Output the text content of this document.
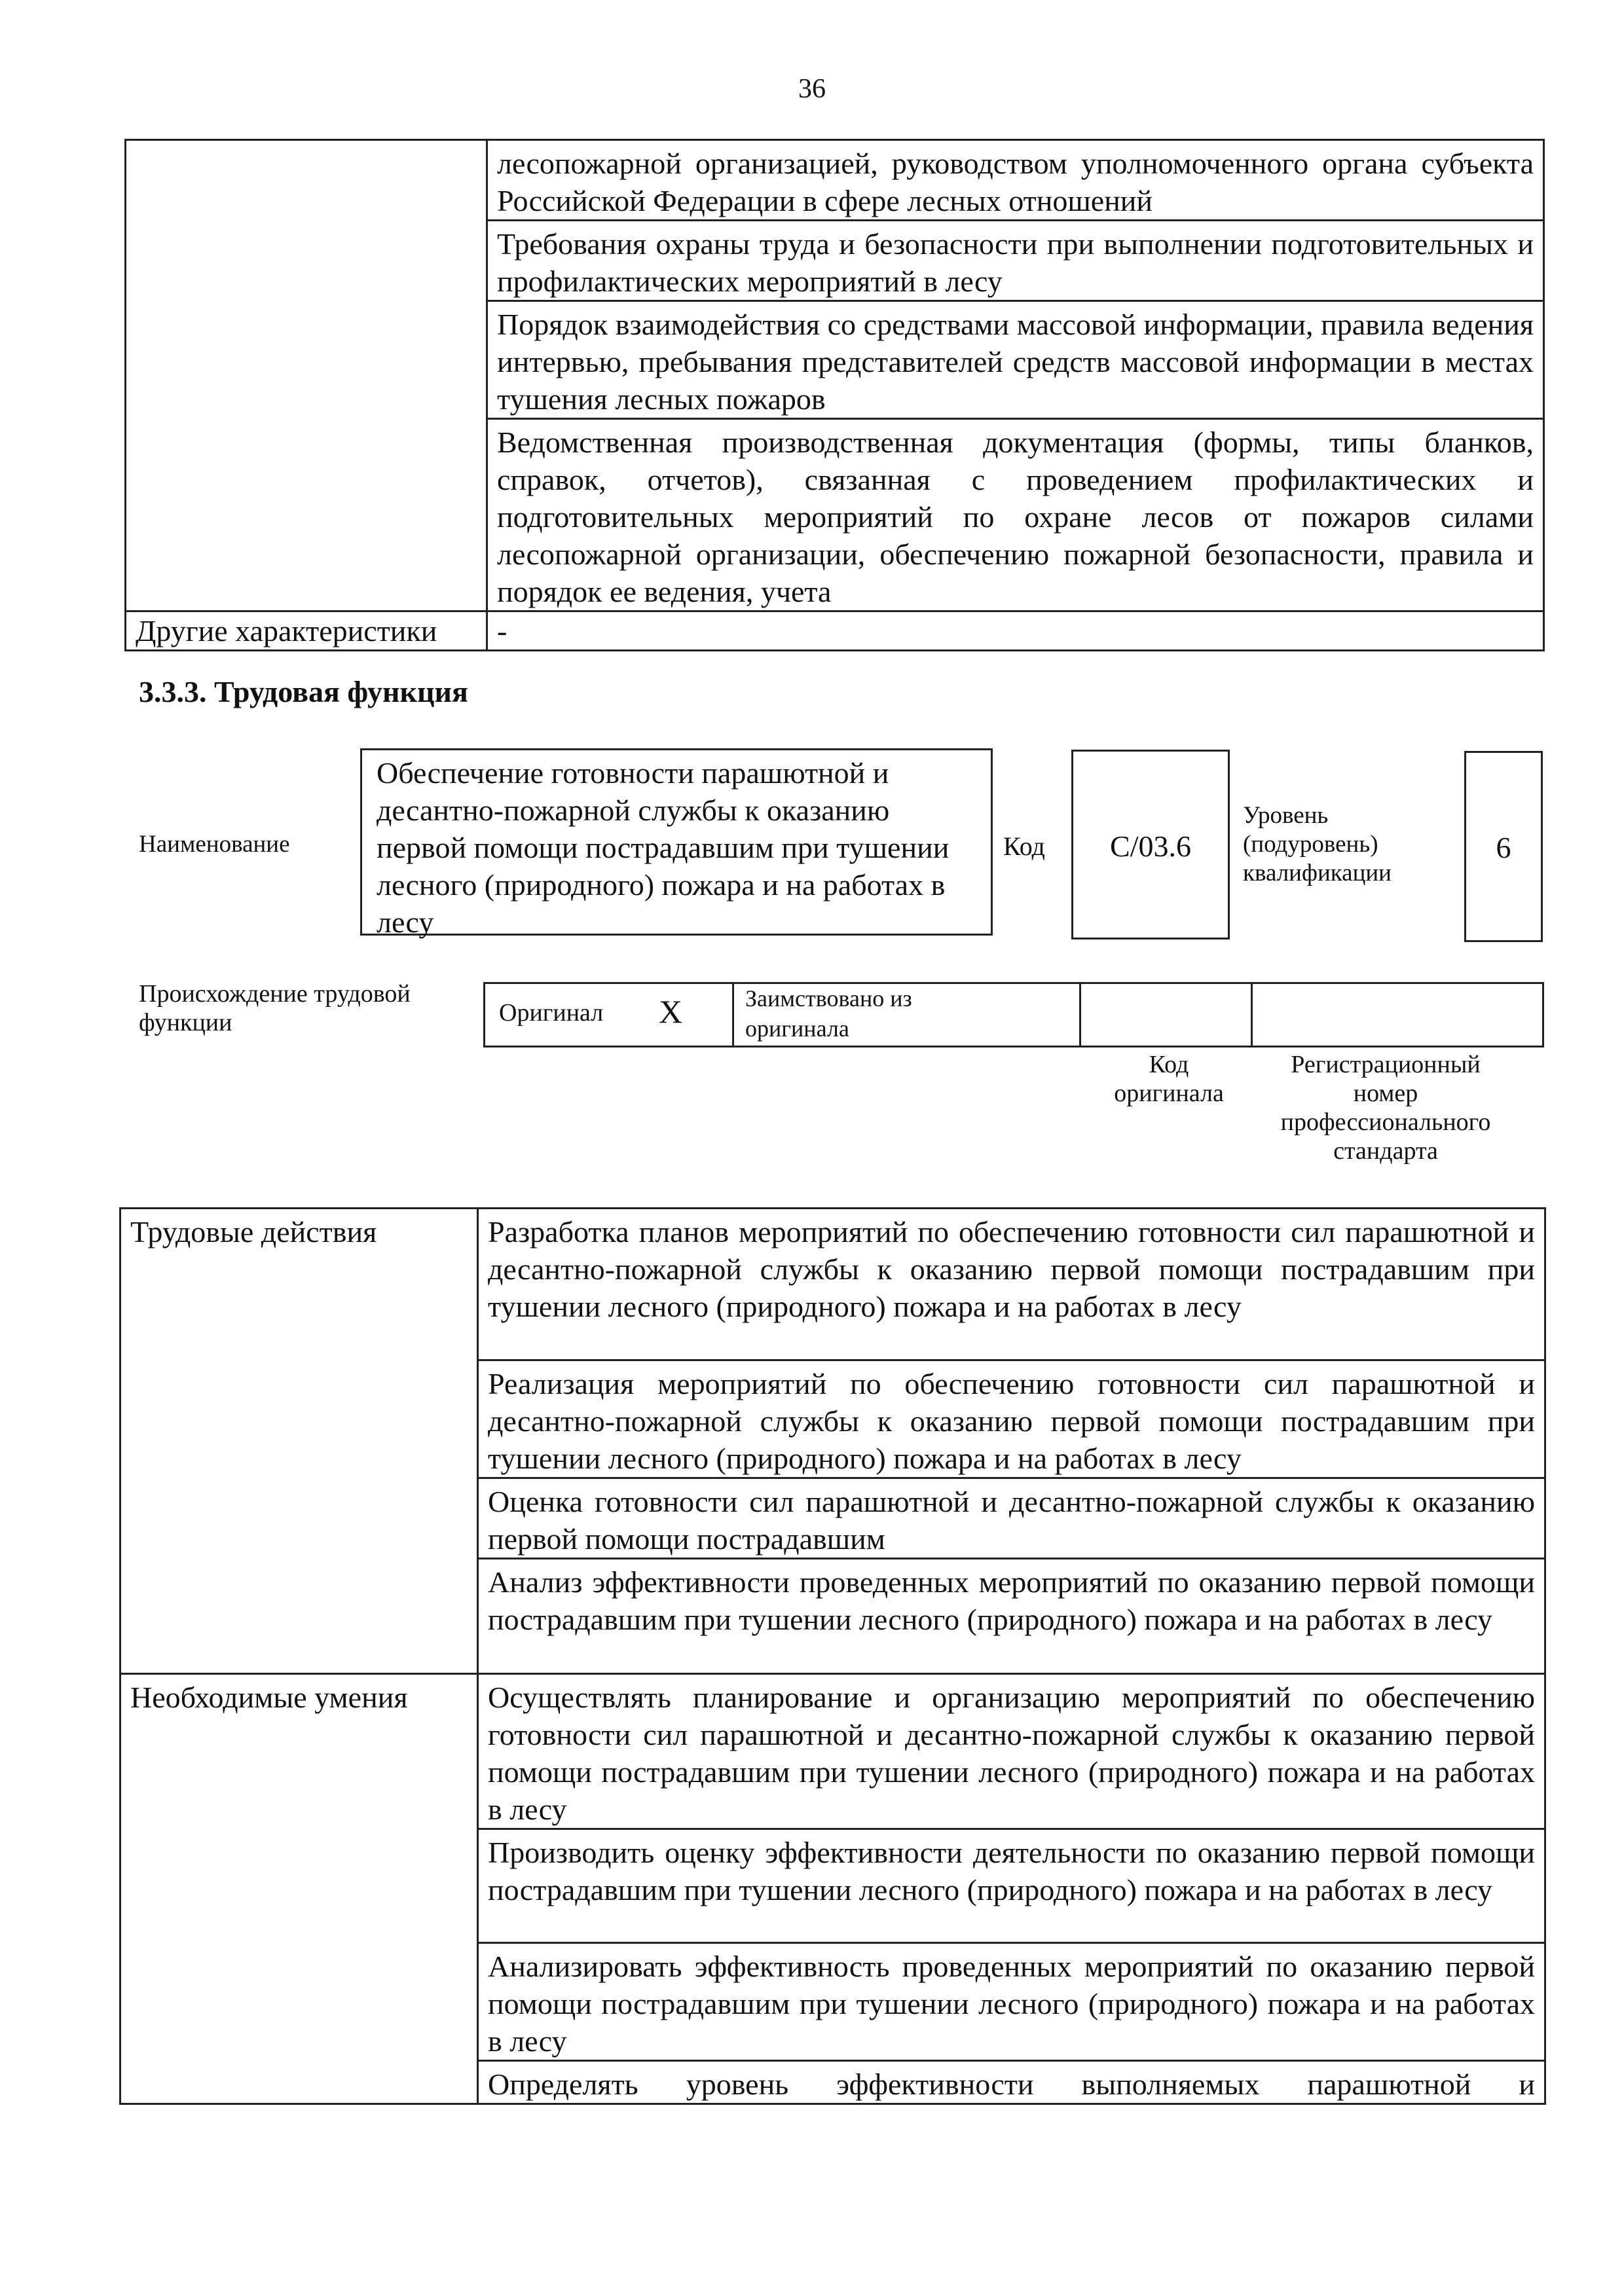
36
	лесопожарной организацией, руководством уполномоченного органа субъекта Российской Федерации в сфере лесных отношений
	Требования охраны труда и безопасности при выполнении подготовительных и профилактических мероприятий в лесу
	Порядок взаимодействия со средствами массовой информации, правила ведения интервью, пребывания представителей средств массовой информации в местах тушения лесных пожаров
	Ведомственная производственная документация (формы, типы бланков, справок, отчетов), связанная с проведением профилактических и подготовительных мероприятий по охране лесов от пожаров силами лесопожарной организации, обеспечению пожарной безопасности, правила и порядок ее ведения, учета
Другие характеристики	-
3.3.3. Трудовая функция
Наименование
Обеспечение готовности парашютной и десантно-пожарной службы к оказанию первой помощи пострадавшим при тушении лесного (природного) пожара и на работах в лесу
Код	C/03.6
Уровень (подуровень) квалификации
6
Происхождение трудовой функции	Оригинал X	Заимствовано из оригинала
Код оригинала
Регистрационный номер профессионального стандарта
Трудовые действия	Разработка планов мероприятий по обеспечению готовности сил парашютной и десантно-пожарной службы к оказанию первой помощи пострадавшим при тушении лесного (природного) пожара и на работах в лесу
	Реализация мероприятий по обеспечению готовности сил парашютной и десантно-пожарной службы к оказанию первой помощи пострадавшим при тушении лесного (природного) пожара и на работах в лесу
	Оценка готовности сил парашютной и десантно-пожарной службы к оказанию первой помощи пострадавшим
	Анализ эффективности проведенных мероприятий по оказанию первой помощи пострадавшим при тушении лесного (природного) пожара и на работах в лесу
Необходимые умения	Осуществлять планирование и организацию мероприятий по обеспечению готовности сил парашютной и десантно-пожарной службы к оказанию первой помощи пострадавшим при тушении лесного (природного) пожара и на работах в лесу
	Производить оценку эффективности деятельности по оказанию первой помощи пострадавшим при тушении лесного (природного) пожара и на работах в лесу
	Анализировать эффективность проведенных мероприятий по оказанию первой помощи пострадавшим при тушении лесного (природного) пожара и на работах в лесу
	Определять уровень эффективности выполняемых парашютной и
